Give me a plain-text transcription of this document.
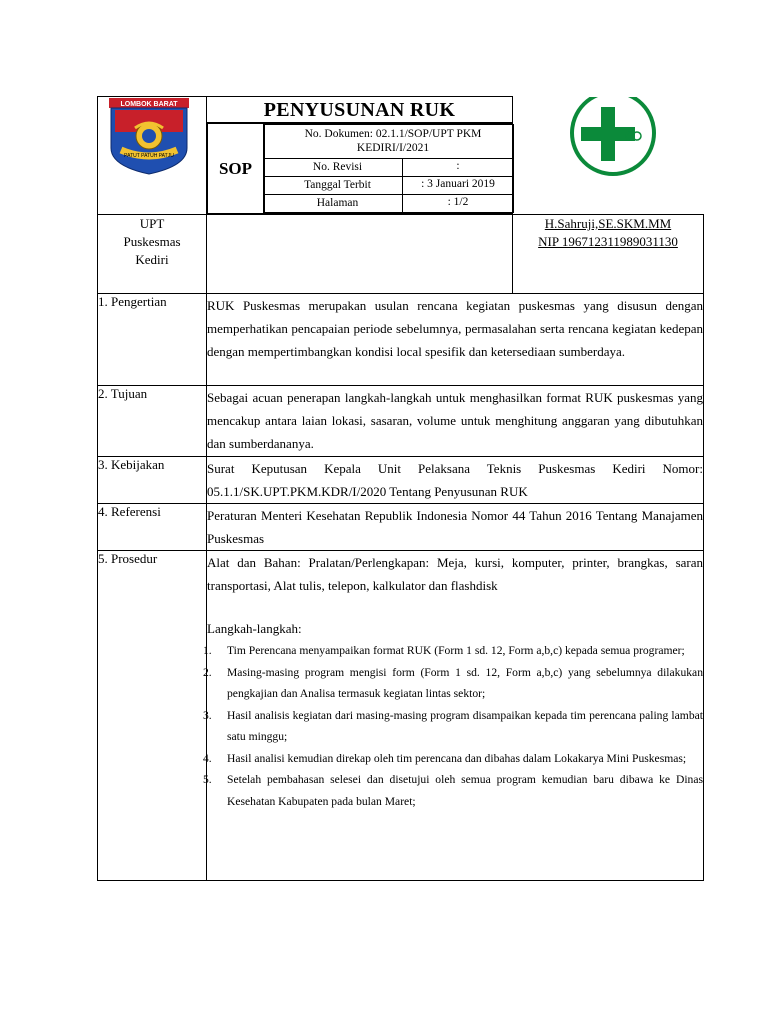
LOMBOK BARAT
PATUT PATUH PATJU

PENYUSUNAN RUK
SOP	
No. Dokumen: 02.1.1/SOP/UPT PKM KEDIRI/I/2021
No. Revisi	:
Tanggal Terbit	: 3 Januari 2019
Halaman	: 1/2

UPT
Puskesmas
Kediri

H.Sahruji,SE.SKM.MM
NIP 196712311989031130

1. Pengertian	RUK Puskesmas merupakan usulan rencana kegiatan puskesmas yang disusun dengan memperhatikan pencapaian periode sebelumnya, permasalahan serta rencana kegiatan kedepan dengan mempertimbangkan kondisi local spesifik dan ketersediaan sumberdaya.
2. Tujuan	Sebagai acuan penerapan langkah-langkah untuk menghasilkan format RUK puskesmas yang mencakup antara laian lokasi, sasaran, volume untuk menghitung anggaran yang dibutuhkan dan sumberdananya.
3. Kebijakan	Surat Keputusan Kepala Unit Pelaksana Teknis Puskesmas Kediri Nomor: 05.1.1/SK.UPT.PKM.KDR/I/2020 Tentang Penyusunan RUK
4. Referensi	Peraturan Menteri Kesehatan Republik Indonesia Nomor 44 Tahun 2016 Tentang Manajamen Puskesmas
5. Prosedur	Alat dan Bahan: Pralatan/Perlengkapan: Meja, kursi, komputer, printer, brangkas, saran transportasi, Alat tulis, telepon, kalkulator dan flashdisk
Langkah-langkah:
1. Tim Perencana menyampaikan format RUK (Form 1 sd. 12, Form a,b,c) kepada semua programer;
2. Masing-masing program mengisi form (Form 1 sd. 12, Form a,b,c) yang sebelumnya dilakukan pengkajian dan Analisa termasuk kegiatan lintas sektor;
3. Hasil analisis kegiatan dari masing-masing program disampaikan kepada tim perencana paling lambat satu minggu;
4. Hasil analisi kemudian direkap oleh tim perencana dan dibahas dalam Lokakarya Mini Puskesmas;
5. Setelah pembahasan selesei dan disetujui oleh semua program kemudian baru dibawa ke Dinas Kesehatan Kabupaten pada bulan Maret;
